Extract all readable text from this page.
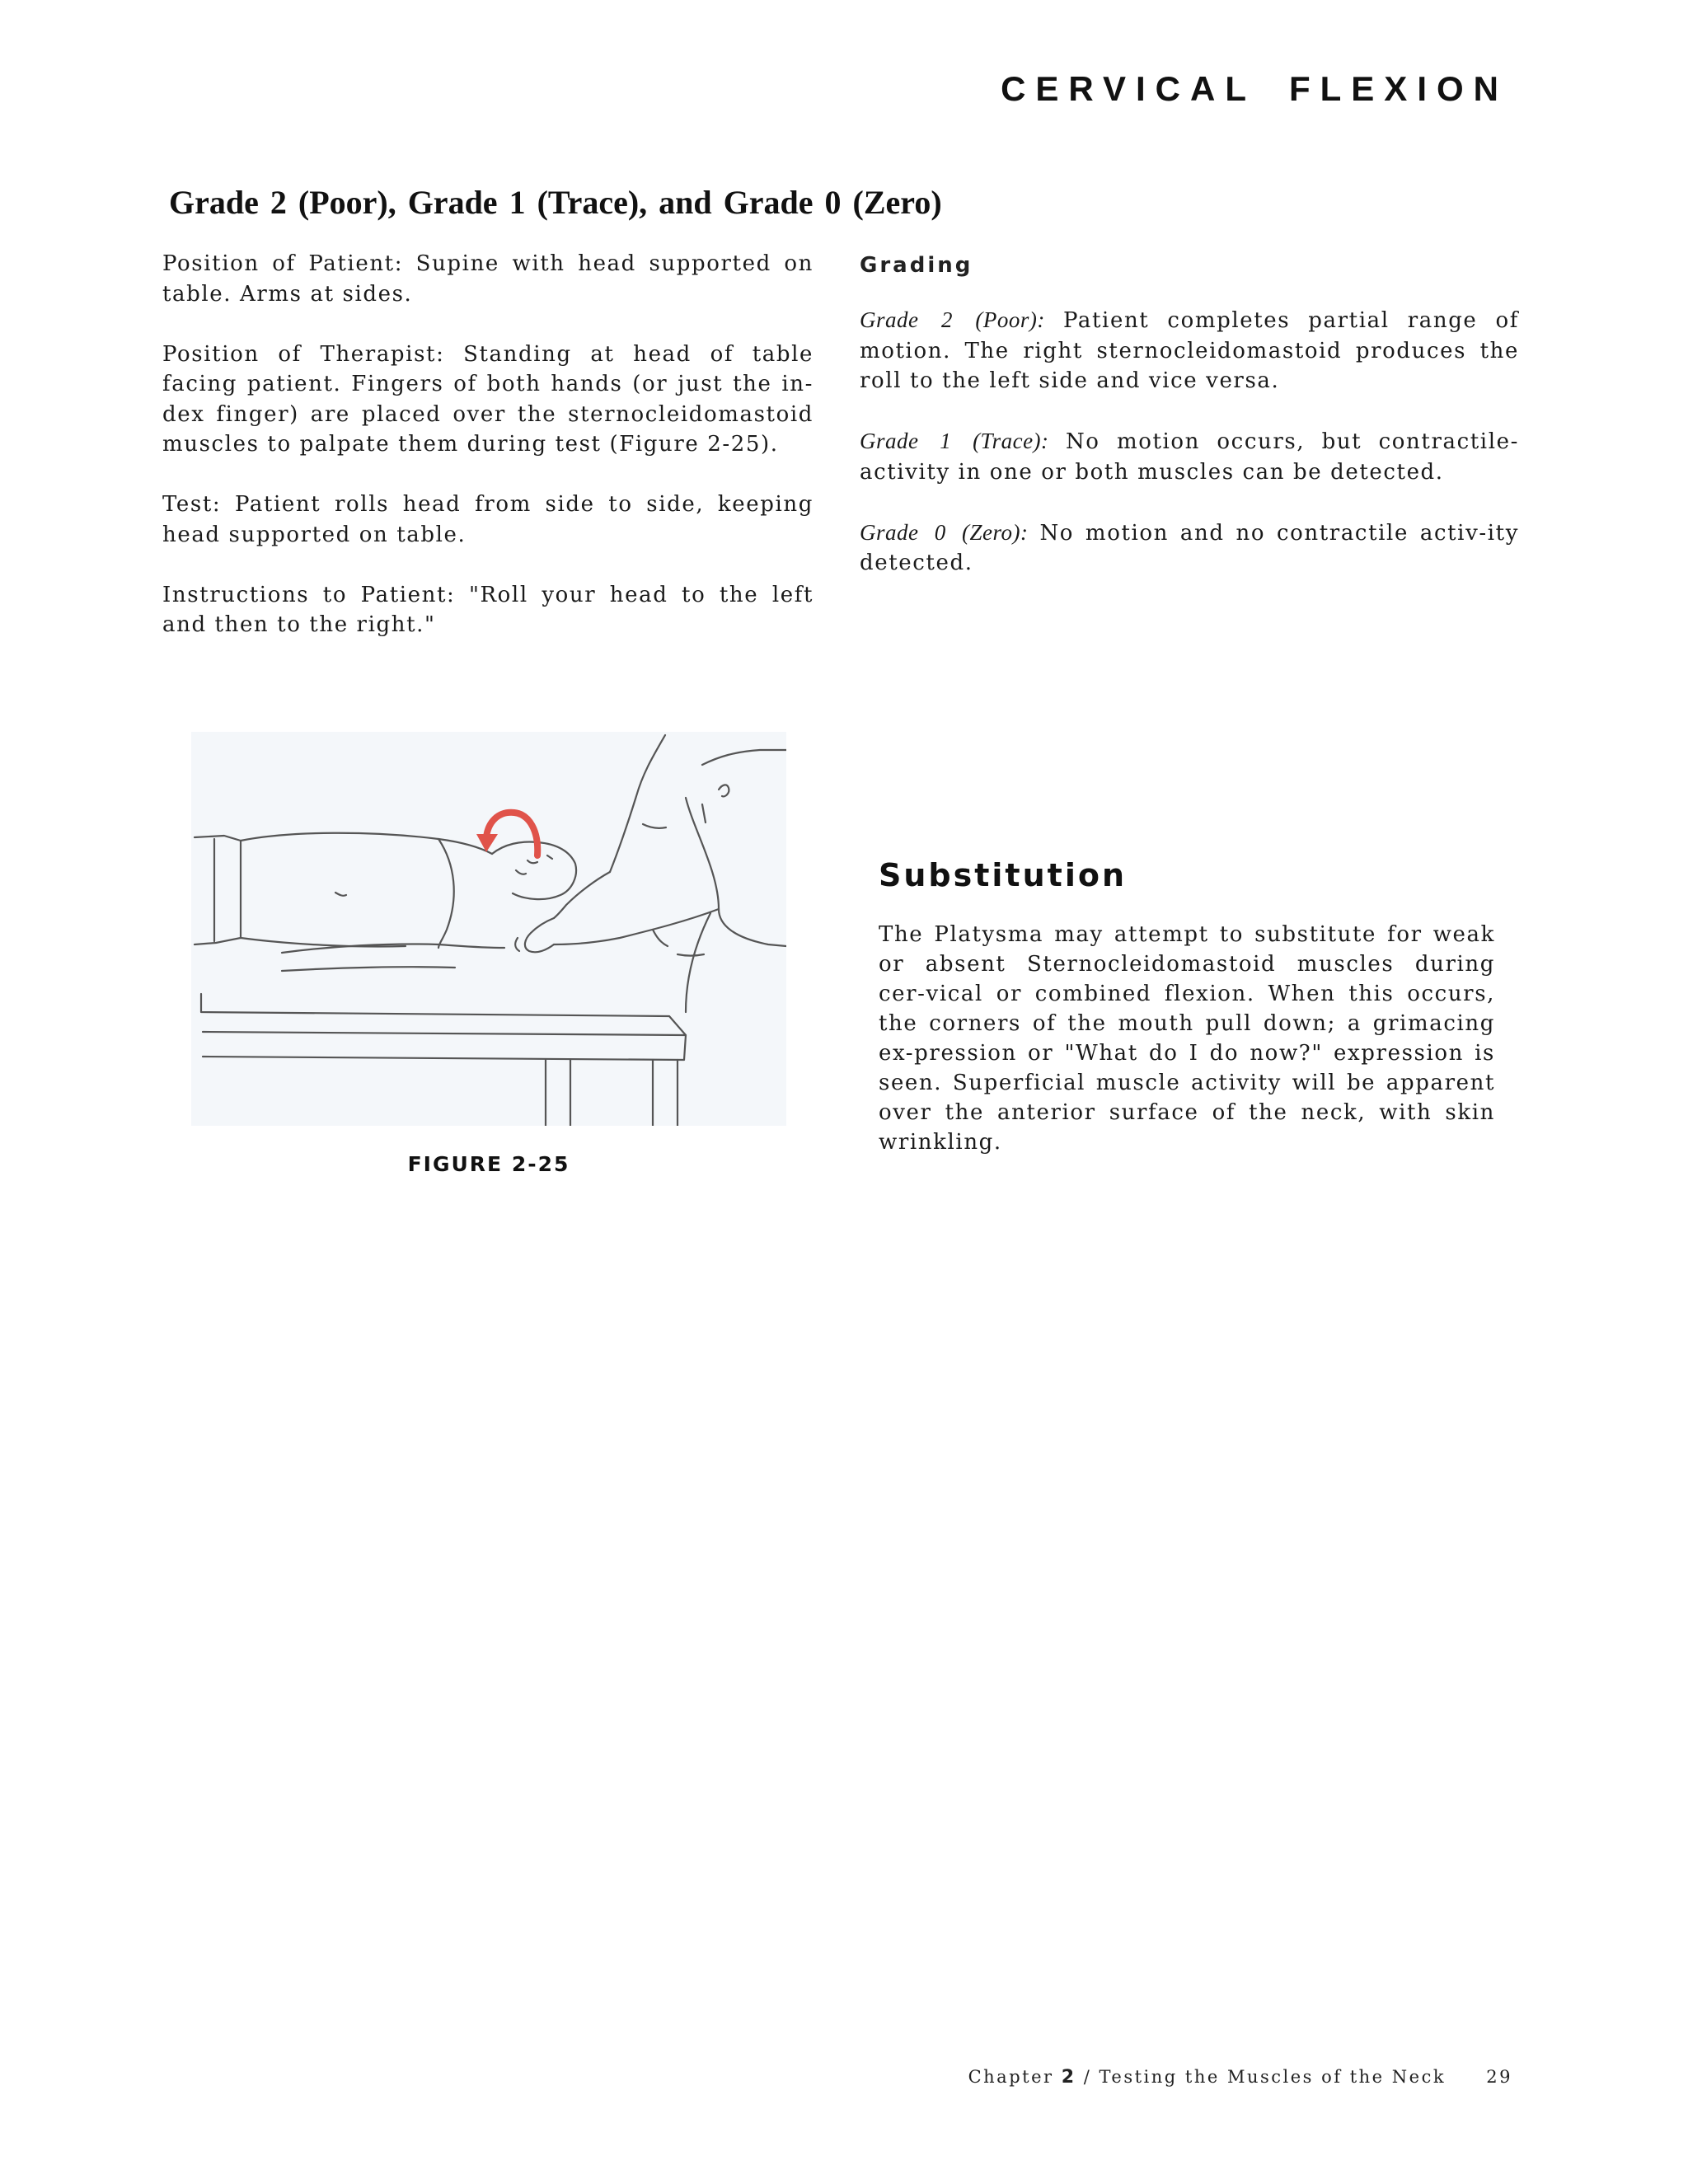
CERVICAL FLEXION
Grade 2 (Poor), Grade 1 (Trace), and Grade 0 (Zero)

Position of Patient: Supine with head supported on table. Arms at sides.

Position of Therapist: Standing at head of table facing patient. Fingers of both hands (or just the in-dex finger) are placed over the sternocleidomastoid muscles to palpate them during test (Figure 2-25).

Test: Patient rolls head from side to side, keeping head supported on table.

Instructions to Patient: "Roll your head to the left and then to the right."

Grading

Grade 2 (Poor): Patient completes partial range of motion. The right sternocleidomastoid produces the roll to the left side and vice versa.

Grade 1 (Trace): No motion occurs, but contractile-activity in one or both muscles can be detected.

Grade 0 (Zero): No motion and no contractile activ-ity detected.

FIGURE 2-25
Substitution
The Platysma may attempt to substitute for weak or absent Sternocleidomastoid muscles during cer-vical or combined flexion. When this occurs, the corners of the mouth pull down; a grimacing ex-pression or "What do I do now?" expression is seen. Superficial muscle activity will be apparent over the anterior surface of the neck, with skin wrinkling.
Chapter 2 / Testing the Muscles of the Neck 29
